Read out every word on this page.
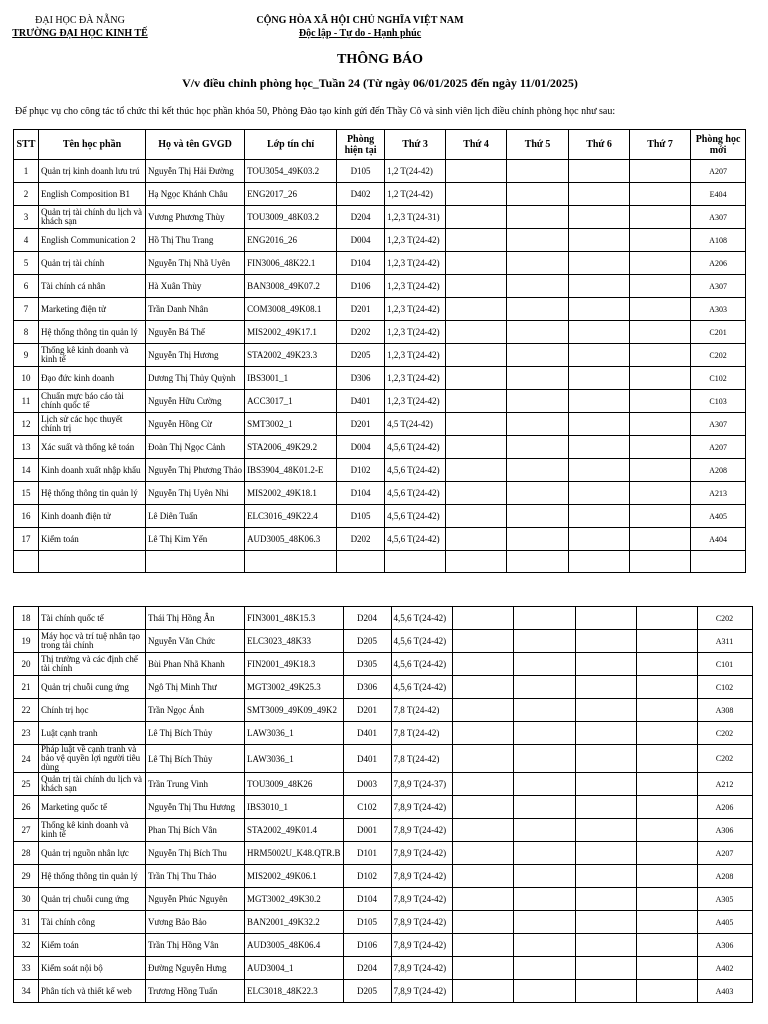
ĐẠI HỌC ĐÀ NẴNG
TRƯỜNG ĐẠI HỌC KINH TẾ
CỘNG HÒA XÃ HỘI CHỦ NGHĨA VIỆT NAM
Độc lập - Tự do - Hạnh phúc
THÔNG BÁO
V/v điều chỉnh phòng học_Tuần 24 (Từ ngày 06/01/2025 đến ngày 11/01/2025)
Để phục vụ cho công tác tổ chức thi kết thúc học phần khóa 50, Phòng Đào tạo kính gửi đến Thầy Cô và sinh viên lịch điều chỉnh phòng học như sau:
STT	Tên học phần	Họ và tên GVGD	Lớp tín chỉ	Phòng hiện tại	Thứ 3	Thứ 4	Thứ 5	Thứ 6	Thứ 7	Phòng học mới
1	Quản trị kinh doanh lưu trú	Nguyễn Thị Hải Đường	TOU3054_49K03.2	D105	1,2 T(24-42)					A207
2	English Composition B1	Hạ Ngọc Khánh Châu	ENG2017_26	D402	1,2 T(24-42)					E404
3	Quản trị tài chính du lịch và khách sạn	Vương Phương Thùy	TOU3009_48K03.2	D204	1,2,3 T(24-31)					A307
4	English Communication 2	Hồ Thị Thu Trang	ENG2016_26	D004	1,2,3 T(24-42)					A108
5	Quản trị tài chính	Nguyễn Thị Nhã Uyên	FIN3006_48K22.1	D104	1,2,3 T(24-42)					A206
6	Tài chính cá nhân	Hà Xuân Thùy	BAN3008_49K07.2	D106	1,2,3 T(24-42)					A307
7	Marketing điện tử	Trần Danh Nhân	COM3008_49K08.1	D201	1,2,3 T(24-42)					A303
8	Hệ thống thông tin quản lý	Nguyễn Bá Thế	MIS2002_49K17.1	D202	1,2,3 T(24-42)					C201
9	Thống kê kinh doanh và kinh tế	Nguyễn Thị Hương	STA2002_49K23.3	D205	1,2,3 T(24-42)					C202
10	Đạo đức kinh doanh	Dương Thị Thủy Quỳnh	IBS3001_1	D306	1,2,3 T(24-42)					C102
11	Chuẩn mực báo cáo tài chính quốc tế	Nguyễn Hữu Cường	ACC3017_1	D401	1,2,3 T(24-42)					C103
12	Lịch sử các học thuyết chính trị	Nguyễn Hồng Cừ	SMT3002_1	D201	4,5 T(24-42)					A307
13	Xác suất và thống kê toán	Đoàn Thị Ngọc Cảnh	STA2006_49K29.2	D004	4,5,6 T(24-42)					A207
14	Kinh doanh xuất nhập khẩu	Nguyễn Thị Phương Thảo	IBS3904_48K01.2-E	D102	4,5,6 T(24-42)					A208
15	Hệ thống thông tin quản lý	Nguyễn Thị Uyên Nhi	MIS2002_49K18.1	D104	4,5,6 T(24-42)					A213
16	Kinh doanh điện tử	Lê Diên Tuấn	ELC3016_49K22.4	D105	4,5,6 T(24-42)					A405
17	Kiểm toán	Lê Thị Kim Yến	AUD3005_48K06.3	D202	4,5,6 T(24-42)					A404

18	Tài chính quốc tế	Thái Thị Hồng Ân	FIN3001_48K15.3	D204	4,5,6 T(24-42)					C202
19	Máy học và trí tuệ nhân tạo trong tài chính	Nguyễn Văn Chức	ELC3023_48K33	D205	4,5,6 T(24-42)					A311
20	Thị trường và các định chế tài chính	Bùi Phan Nhã Khanh	FIN2001_49K18.3	D305	4,5,6 T(24-42)					C101
21	Quản trị chuỗi cung ứng	Ngô Thị Minh Thư	MGT3002_49K25.3	D306	4,5,6 T(24-42)					C102
22	Chính trị học	Trần Ngọc Ánh	SMT3009_49K09_49K2	D201	7,8 T(24-42)					A308
23	Luật cạnh tranh	Lê Thị Bích Thủy	LAW3036_1	D401	7,8 T(24-42)					C202
24	Pháp luật về cạnh tranh và bảo vệ quyền lợi người tiêu dùng	Lê Thị Bích Thủy	LAW3036_1	D401	7,8 T(24-42)					C202
25	Quản trị tài chính du lịch và khách sạn	Trần Trung Vinh	TOU3009_48K26	D003	7,8,9 T(24-37)					A212
26	Marketing quốc tế	Nguyễn Thị Thu Hương	IBS3010_1	C102	7,8,9 T(24-42)					A206
27	Thống kê kinh doanh và kinh tế	Phan Thị Bích Vân	STA2002_49K01.4	D001	7,8,9 T(24-42)					A306
28	Quản trị nguồn nhân lực	Nguyễn Thị Bích Thu	HRM5002U_K48.QTR.B	D101	7,8,9 T(24-42)					A207
29	Hệ thống thông tin quản lý	Trần Thị Thu Thảo	MIS2002_49K06.1	D102	7,8,9 T(24-42)					A208
30	Quản trị chuỗi cung ứng	Nguyễn Phúc Nguyên	MGT3002_49K30.2	D104	7,8,9 T(24-42)					A305
31	Tài chính công	Vương Bảo Bảo	BAN2001_49K32.2	D105	7,8,9 T(24-42)					A405
32	Kiểm toán	Trần Thị Hồng Vân	AUD3005_48K06.4	D106	7,8,9 T(24-42)					A306
33	Kiểm soát nội bộ	Đường Nguyễn Hưng	AUD3004_1	D204	7,8,9 T(24-42)					A402
34	Phân tích và thiết kế web	Trương Hồng Tuấn	ELC3018_48K22.3	D205	7,8,9 T(24-42)					A403
